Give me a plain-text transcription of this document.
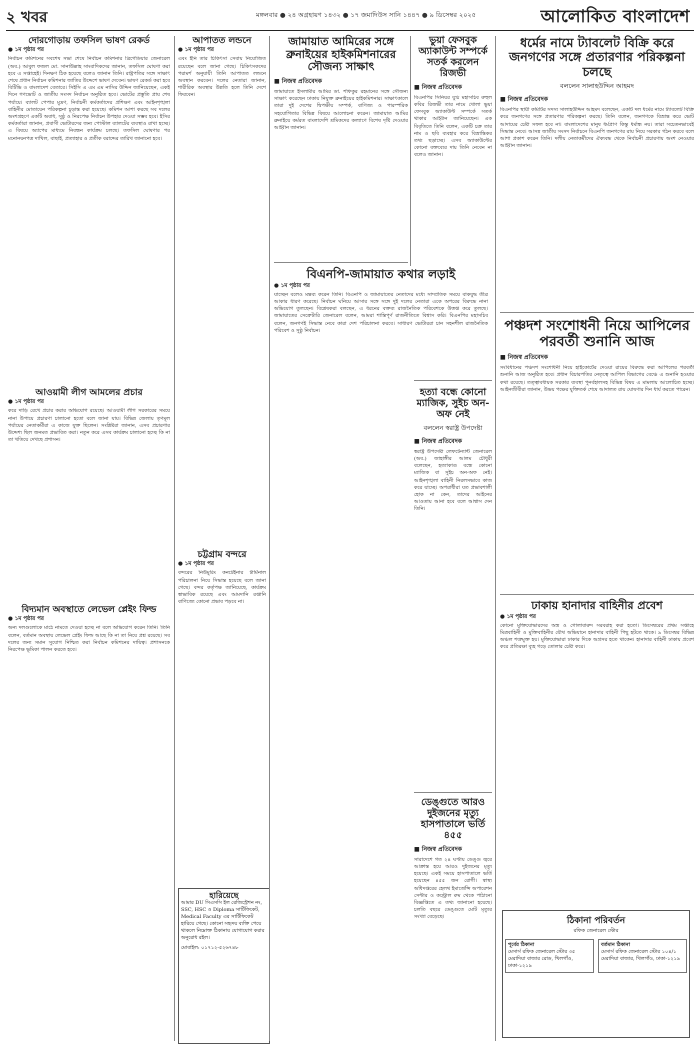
২ খবর	মঙ্গলবার ● ২৪ অগ্রহায়ণ ১৪৩২ ● ১৭ জমাদিউস সানি ১৪৪৭ ● ৯ ডিসেম্বর ২০২৫	আলোকিত বাংলাদেশ
দোরগোড়ায় তফসিল ভাষণ রেকর্ড
● ১ম পৃষ্ঠার পর
নির্বাচন কমিশনের সবশেষ সভা শেষে নির্বাচন কমিশনার ব্রিগেডিয়ার জেনারেল (অব.) আবুল ফজল মো. সানাউল্লাহ সাংবাদিকদের জানান, তফসিল ঘোষণা করা হবে এ সপ্তাহেই। দিনক্ষণ ঠিক হয়েছে বলেও জানান তিনি। রাষ্ট্রপতির সঙ্গে সাক্ষাৎ শেষে প্রধান নির্বাচন কমিশনার জাতির উদ্দেশে ভাষণ দেবেন। ভাষণ রেকর্ড করা হবে বিটিভি ও বাংলাদেশ বেতারে। সিইসি এ এম এম নাসির উদ্দিন জানিয়েছেন, একই দিনে গণভোট ও জাতীয় সংসদ নির্বাচন অনুষ্ঠিত হবে। ভোটের প্রস্তুতি প্রায় শেষ পর্যায়ে। ব্যালট পেপার মুদ্রণ, নির্বাচনী কর্মকর্তাদের প্রশিক্ষণ এবং আইনশৃঙ্খলা বাহিনীর মোতায়েন পরিকল্পনা চূড়ান্ত করা হয়েছে। কমিশন আশা করছে সব দলের অংশগ্রহণে একটি অবাধ, সুষ্ঠু ও নিরপেক্ষ নির্বাচন উপহার দেওয়া সম্ভব হবে। ইসির কর্মকর্তারা জানান, প্রবাসী ভোটারদের জন্য পোস্টাল ব্যালটের ব্যবস্থাও রাখা হচ্ছে। এ বিষয়ে অ্যাপের মাধ্যমে নিবন্ধন কার্যক্রম চলছে। তফসিল ঘোষণার পর মনোনয়নপত্র দাখিল, বাছাই, প্রত্যাহার ও প্রতীক বরাদ্দের তারিখ জানানো হবে।
আওয়ামী লীগ আমলের প্রচার
● ১ম পৃষ্ঠার পর
করে দাড়ি রেখে প্রচার করার অভিযোগ রয়েছে। আওয়ামী লীগ সরকারের সময়ে নানা উপায়ে প্রচারণা চালানো হতো বলে জানা যায়। বিভিন্ন জেলায় তৃণমূল পর্যায়ের নেতাকর্মীরা এ কাজে যুক্ত ছিলেন। সংশ্লিষ্টরা জানান, এসব প্রচারণার উদ্দেশ্য ছিল জনমত প্রভাবিত করা। নতুন করে এসব কার্যক্রম চালানো হচ্ছে কি না তা খতিয়ে দেখছে প্রশাসন।
বিদ্যমান অবস্থাতে লেভেল প্লেইং ফিল্ড
● ১ম পৃষ্ঠার পর
অন্য দলগুলোকে মাঠে নামতে দেওয়া হচ্ছে না বলে অভিযোগ করেন তিনি। তিনি বলেন, বর্তমান অবস্থায় লেভেল প্লেইং ফিল্ড আছে কি না তা নিয়ে প্রশ্ন রয়েছে। সব দলের জন্য সমান সুযোগ নিশ্চিত করা নির্বাচন কমিশনের দায়িত্ব। প্রশাসনকে নিরপেক্ষ ভূমিকা পালন করতে হবে।
আপাতত লন্ডনে
● ১ম পৃষ্ঠার পর
এবং ইনি তার চিকিৎসা সেবায় নিয়োজিত রয়েছেন বলে জানা গেছে। চিকিৎসকদের পরামর্শ অনুযায়ী তিনি আপাতত লন্ডনে অবস্থান করবেন। দলের নেতারা জানান, শারীরিক অবস্থার উন্নতি হলে তিনি দেশে ফিরবেন।
চট্টগ্রাম বন্দরে
● ১ম পৃষ্ঠার পর
বন্দরের নিউমুরিং কনটেইনার টার্মিনাল পরিচালনা নিয়ে সিদ্ধান্ত হয়েছে বলে জানা গেছে। বন্দর কর্তৃপক্ষ জানিয়েছে, কার্যক্রম স্বাভাবিক রয়েছে এবং আমদানি রপ্তানি বাণিজ্যে কোনো প্রভাব পড়বে না।
হারিয়েছে
আমার DU সিএসসি ইল রেজিস্ট্রেশন নং, SSC, HSC ও Diploma সার্টিফিকেট, Medical Faculty এর সার্টিফিকেট হারিয়ে গেছে। কোনো সহৃদয় ব্যক্তি পেয়ে থাকলে নিম্নোক্ত ঠিকানায় যোগাযোগ করার অনুরোধ রইল।
মোবাইল: ০১৭১২-৫২৬৭৪৮
জামায়াত আমিরের সঙ্গে ব্রুনাইয়ের হাইকমিশনারের সৌজন্য সাক্ষাৎ
■ নিজস্ব প্রতিবেদক
জামায়াতে ইসলামীর আমির ডা. শফিকুর রহমানের সঙ্গে সৌজন্য সাক্ষাৎ করেছেন ঢাকায় নিযুক্ত ব্রুনাইয়ের হাইকমিশনার। সাক্ষাৎকালে তারা দুই দেশের দ্বিপক্ষীয় সম্পর্ক, বাণিজ্য ও পারস্পরিক সহযোগিতার বিভিন্ন বিষয়ে আলোচনা করেন। জামায়াত আমির ব্রুনাইয়ে কর্মরত বাংলাদেশি শ্রমিকদের কল্যাণে বিশেষ দৃষ্টি দেওয়ার আহ্বান জানান।
বিএনপি-জামায়াত কথার লড়াই
● ১ম পৃষ্ঠার পর
যাচ্ছেন বলেও মন্তব্য করেন তিনি। বিএনপি ও জামায়াতের নেতাদের মধ্যে সাম্প্রতিক সময়ে বাকযুদ্ধ তীব্র আকার ধারণ করেছে। নির্বাচন ঘনিয়ে আসার সঙ্গে সঙ্গে দুই দলের নেতারা একে অপরের বিরুদ্ধে নানা অভিযোগ তুলছেন। বিশ্লেষকরা বলছেন, এ ধরনের বক্তব্য রাজনৈতিক পরিবেশকে উত্তপ্ত করে তুলছে। জামায়াতের সেক্রেটারি জেনারেল বলেন, আমরা শান্তিপূর্ণ রাজনীতিতে বিশ্বাস করি। বিএনপির মহাসচিব বলেন, জনগণই সিদ্ধান্ত নেবে কারা দেশ পরিচালনা করবে। সাধারণ ভোটাররা চান সহনশীল রাজনৈতিক পরিবেশ ও সুষ্ঠু নির্বাচন।
ভুয়া ফেসবুক অ্যাকাউন্ট সম্পর্কে সতর্ক করলেন রিজভী
■ নিজস্ব প্রতিবেদক
বিএনপির সিনিয়র যুগ্ম মহাসচিব রুহুল কবির রিজভী তার নামে খোলা ভুয়া ফেসবুক অ্যাকাউন্ট সম্পর্কে সতর্ক থাকার আহ্বান জানিয়েছেন। এক বিবৃতিতে তিনি বলেন, একটি চক্র তার নাম ও ছবি ব্যবহার করে বিভ্রান্তিকর তথ্য ছড়াচ্ছে। এসব অ্যাকাউন্টের কোনো বক্তব্যের দায় তিনি নেবেন না বলেও জানান।
হত্যা বন্ধে কোনো ম্যাজিক, সুইচ অন-অফ নেই
বললেন স্বরাষ্ট্র উপদেষ্টা
■ নিজস্ব প্রতিবেদক
স্বরাষ্ট্র উপদেষ্টা লেফটেন্যান্ট জেনারেল (অব.) জাহাঙ্গীর আলম চৌধুরী বলেছেন, হত্যাকাণ্ড বন্ধে কোনো ম্যাজিক বা সুইচ অন-অফ নেই। আইনশৃঙ্খলা বাহিনী নিরলসভাবে কাজ করে যাচ্ছে। অপরাধীরা যত প্রভাবশালী হোক না কেন, তাদের আইনের আওতায় আনা হবে বলে আশ্বাস দেন তিনি।
ডেঙ্গুতে আরও দুইজনের মৃত্যু হাসপাতালে ভর্তি ৪৫৫
■ নিজস্ব প্রতিবেদক
সারাদেশে গত ২৪ ঘণ্টায় ডেঙ্গু জ্বরে আক্রান্ত হয়ে আরও দুইজনের মৃত্যু হয়েছে। একই সময়ে হাসপাতালে ভর্তি হয়েছেন ৪৫৫ জন রোগী। স্বাস্থ্য অধিদপ্তরের হেলথ ইমার্জেন্সি অপারেশন সেন্টার ও কন্ট্রোল রুম থেকে পাঠানো বিজ্ঞপ্তিতে এ তথ্য জানানো হয়েছে। চলতি বছরে ডেঙ্গুতে মোট মৃত্যুর সংখ্যা বেড়েছে।
ধর্মের নামে ট্যাবলেট বিক্রি করে জনগণের সঙ্গে প্রতারণার পরিকল্পনা চলছে
বললেন সালাহউদ্দিন আহমদ
■ নিজস্ব প্রতিবেদক
বিএনপির স্থায়ী কমিটির সদস্য সালাহউদ্দিন আহমদ বলেছেন, একটি দল ধর্মের নামে ট্যাবলেট বিক্রি করে জনগণের সঙ্গে প্রতারণার পরিকল্পনা করছে। তিনি বলেন, জনগণকে বিভ্রান্ত করে ভোট আদায়ের চেষ্টা সফল হবে না। বাংলাদেশের মানুষ ধর্মপ্রাণ কিন্তু ধর্মান্ধ নয়। তারা সচেতনভাবেই সিদ্ধান্ত নেবে। আসন্ন জাতীয় সংসদ নির্বাচনে বিএনপি জনগণের রায় নিয়ে সরকার গঠন করবে বলে আশা প্রকাশ করেন তিনি। দলীয় নেতাকর্মীদের ঐক্যবদ্ধ থেকে নির্বাচনী প্রচারণায় অংশ নেওয়ার আহ্বান জানান।
পঞ্চদশ সংশোধনী নিয়ে আপিলের পরবর্তী শুনানি আজ
■ নিজস্ব প্রতিবেদক
সংবিধানের পঞ্চদশ সংশোধনী নিয়ে হাইকোর্টের দেওয়া রায়ের বিরুদ্ধে করা আপিলের পরবর্তী শুনানি আজ অনুষ্ঠিত হবে। প্রধান বিচারপতির নেতৃত্বে আপিল বিভাগের বেঞ্চে এ শুনানি হওয়ার কথা রয়েছে। তত্ত্বাবধায়ক সরকার ব্যবস্থা পুনর্বহালসহ বিভিন্ন বিষয় এ মামলায় আলোচিত হচ্ছে। আইনজীবীরা জানান, উভয় পক্ষের যুক্তিতর্ক শেষে আদালত রায় ঘোষণার দিন ধার্য করতে পারেন।
ঢাকায় হানাদার বাহিনীর প্রবেশ
● ১ম পৃষ্ঠার পর
কোনো মুক্তিযোদ্ধারদের অস্ত্র ও গোলাবারুদ সরবরাহ করা হতো। ডিসেম্বরের প্রথম সপ্তাহে মিত্রবাহিনী ও মুক্তিবাহিনীর যৌথ অভিযানে হানাদার বাহিনী পিছু হটতে থাকে। ৯ ডিসেম্বর বিভিন্ন অঞ্চল শত্রুমুক্ত হয়। মুক্তিযোদ্ধারা ঢাকার দিকে অগ্রসর হতে থাকেন। হানাদার বাহিনী ঢাকায় প্রবেশ করে প্রতিরক্ষা ব্যূহ গড়ে তোলার চেষ্টা করে।
ঠিকানা পরিবর্তন
রফিক জেনারেল স্টোর
পূর্বের ঠিকানা
মেসার্স রফিক জেনারেল স্টোর ৩৫ মেরাদিয়া বাজার রোড, খিলগাঁও, ঢাকা-১২১৯
বর্তমান ঠিকানা
মেসার্স রফিক জেনারেল স্টোর ১০৪/১ মেরাদিয়া বাজার, খিলগাঁও, ঢাকা-১২১৯
